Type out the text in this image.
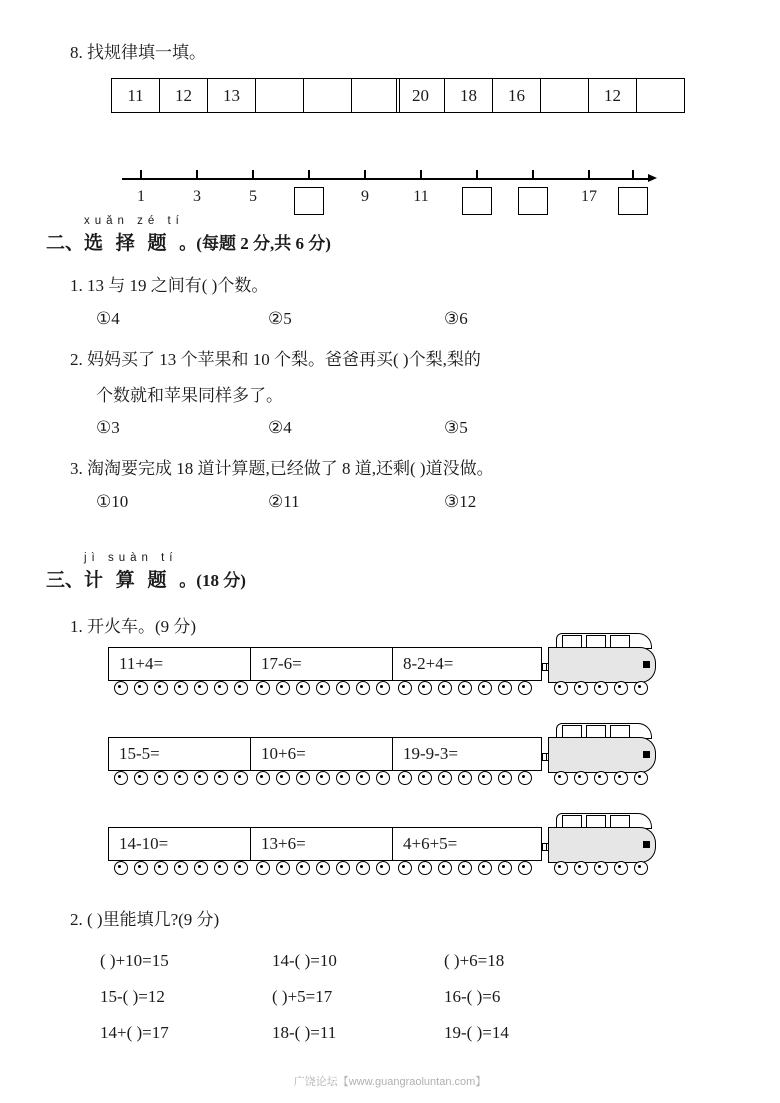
8. 找规律填一填。
11	12	13	20	18	16	12
1	3	5	9	11	17
xuǎn zé tí
二、选 择 题 。(每题 2 分,共 6 分)
1. 13 与 19 之间有( )个数。
①4	②5	③6
2. 妈妈买了 13 个苹果和 10 个梨。爸爸再买( )个梨,梨的
个数就和苹果同样多了。
①3	②4	③5
3. 淘淘要完成 18 道计算题,已经做了 8 道,还剩( )道没做。
①10	②11	③12
jì suàn tí
三、计 算 题 。(18 分)
1. 开火车。(9 分)
11+4=	17-6=	8-2+4=
15-5=	10+6=	19-9-3=
14-10=	13+6=	4+6+5=
2. ( )里能填几?(9 分)
( )+10=15	14-( )=10	( )+6=18
15-( )=12	( )+5=17	16-( )=6
14+( )=17	18-( )=11	19-( )=14
广饶论坛【www.guangraoluntan.com】
